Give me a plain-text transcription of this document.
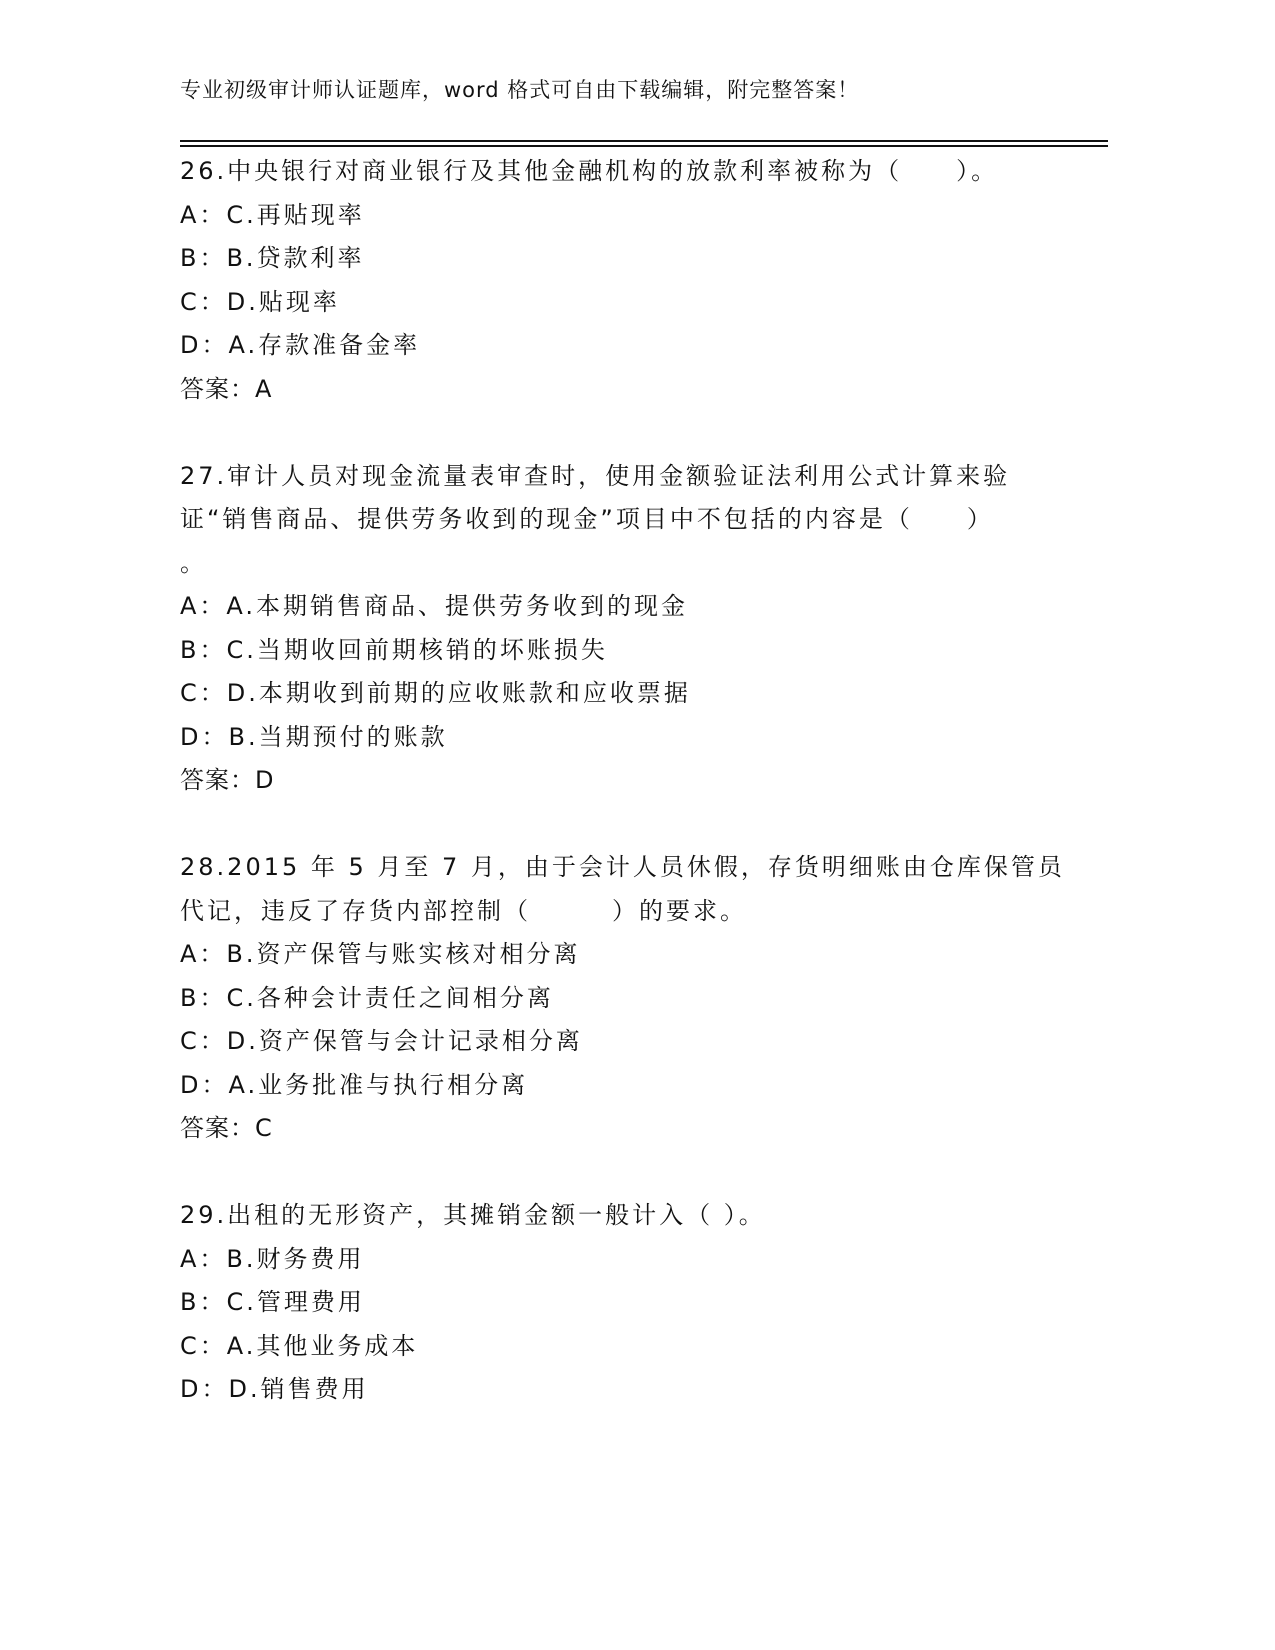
专业初级审计师认证题库，word 格式可自由下载编辑，附完整答案！
26.中央银行对商业银行及其他金融机构的放款利率被称为（　　）。
A：C.再贴现率
B：B.贷款利率
C：D.贴现率
D：A.存款准备金率
答案：A
27.审计人员对现金流量表审查时，使用金额验证法利用公式计算来验
证“销售商品、提供劳务收到的现金”项目中不包括的内容是（　　）
。
A：A.本期销售商品、提供劳务收到的现金
B：C.当期收回前期核销的坏账损失
C：D.本期收到前期的应收账款和应收票据
D：B.当期预付的账款
答案：D
28.2015 年 5 月至 7 月，由于会计人员休假，存货明细账由仓库保管员
代记，违反了存货内部控制（　　　）的要求。
A：B.资产保管与账实核对相分离
B：C.各种会计责任之间相分离
C：D.资产保管与会计记录相分离
D：A.业务批准与执行相分离
答案：C
29.出租的无形资产，其摊销金额一般计入（ ）。
A：B.财务费用
B：C.管理费用
C：A.其他业务成本
D：D.销售费用
